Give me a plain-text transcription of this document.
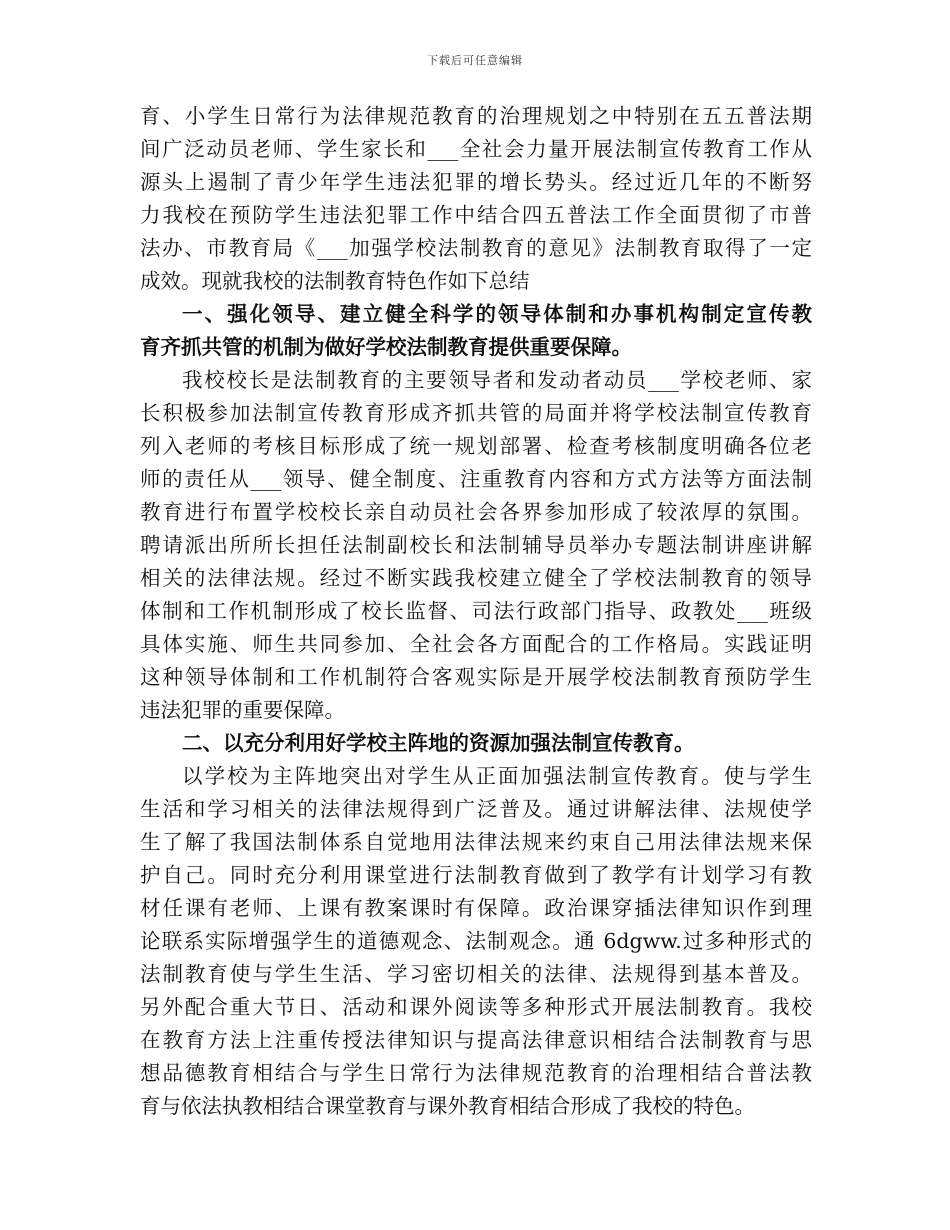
下载后可任意编辑
育、小学生日常行为法律规范教育的治理规划之中特别在五五普法期
间广泛动员老师、学生家长和___全社会力量开展法制宣传教育工作从
源头上遏制了青少年学生违法犯罪的增长势头。经过近几年的不断努
力我校在预防学生违法犯罪工作中结合四五普法工作全面贯彻了市普
法办、市教育局《___加强学校法制教育的意见》法制教育取得了一定
成效。现就我校的法制教育特色作如下总结
一、强化领导、建立健全科学的领导体制和办事机构制定宣传教
育齐抓共管的机制为做好学校法制教育提供重要保障。
我校校长是法制教育的主要领导者和发动者动员___学校老师、家
长积极参加法制宣传教育形成齐抓共管的局面并将学校法制宣传教育
列入老师的考核目标形成了统一规划部署、检查考核制度明确各位老
师的责任从___领导、健全制度、注重教育内容和方式方法等方面法制
教育进行布置学校校长亲自动员社会各界参加形成了较浓厚的氛围。
聘请派出所所长担任法制副校长和法制辅导员举办专题法制讲座讲解
相关的法律法规。经过不断实践我校建立健全了学校法制教育的领导
体制和工作机制形成了校长监督、司法行政部门指导、政教处___班级
具体实施、师生共同参加、全社会各方面配合的工作格局。实践证明
这种领导体制和工作机制符合客观实际是开展学校法制教育预防学生
违法犯罪的重要保障。
二、以充分利用好学校主阵地的资源加强法制宣传教育。
以学校为主阵地突出对学生从正面加强法制宣传教育。使与学生
生活和学习相关的法律法规得到广泛普及。通过讲解法律、法规使学
生了解了我国法制体系自觉地用法律法规来约束自己用法律法规来保
护自己。同时充分利用课堂进行法制教育做到了教学有计划学习有教
材任课有老师、上课有教案课时有保障。政治课穿插法律知识作到理
论联系实际增强学生的道德观念、法制观念。通 6dgww.过多种形式的
法制教育使与学生生活、学习密切相关的法律、法规得到基本普及。
另外配合重大节日、活动和课外阅读等多种形式开展法制教育。我校
在教育方法上注重传授法律知识与提高法律意识相结合法制教育与思
想品德教育相结合与学生日常行为法律规范教育的治理相结合普法教
育与依法执教相结合课堂教育与课外教育相结合形成了我校的特色。
